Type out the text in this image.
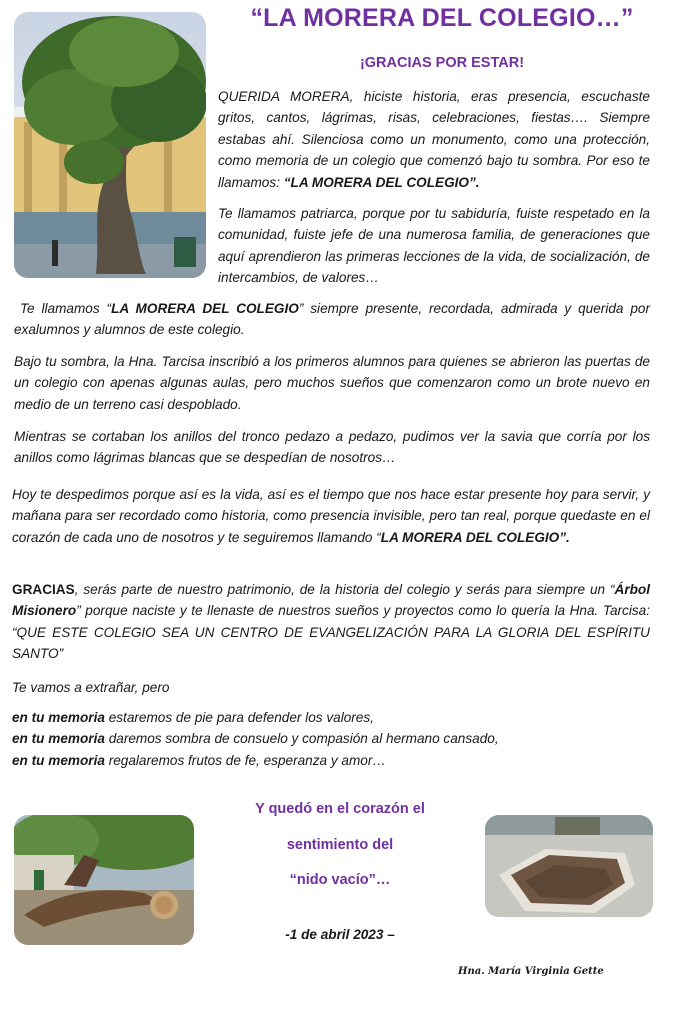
“LA MORERA DEL COLEGIO…”
¡GRACIAS POR ESTAR!
QUERIDA MORERA, hiciste historia, eras presencia, escuchaste gritos, cantos, lágrimas, risas, celebraciones, fiestas…. Siempre estabas ahí. Silenciosa como un monumento, como una protección, como memoria de un colegio que comenzó bajo tu sombra. Por eso te llamamos: “LA MORERA DEL COLEGIO”.
Te llamamos patriarca, porque por tu sabiduría, fuiste respetado en la comunidad, fuiste jefe de una numerosa familia, de generaciones que aquí aprendieron las primeras lecciones de la vida, de socialización, de intercambios, de valores…
Te llamamos “LA MORERA DEL COLEGIO” siempre presente, recordada, admirada y querida por exalumnos y alumnos de este colegio.
Bajo tu sombra, la Hna. Tarcisa inscribió a los primeros alumnos para quienes se abrieron las puertas de un colegio con apenas algunas aulas, pero muchos sueños que comenzaron como un brote nuevo en medio de un terreno casi despoblado.
Mientras se cortaban los anillos del tronco pedazo a pedazo, pudimos ver la savia que corría por los anillos como lágrimas blancas que se despedían de nosotros…
Hoy te despedimos porque así es la vida, así es el tiempo que nos hace estar presente hoy para servir, y mañana para ser recordado como historia, como presencia invisible, pero tan real, porque quedaste en el corazón de cada uno de nosotros y te seguiremos llamando “LA MORERA DEL COLEGIO”.
GRACIAS, serás parte de nuestro patrimonio, de la historia del colegio y serás para siempre un “Árbol Misionero” porque naciste y te llenaste de nuestros sueños y proyectos como lo quería la Hna. Tarcisa: “QUE ESTE COLEGIO SEA UN CENTRO DE EVANGELIZACIÓN PARA LA GLORIA DEL ESPÍRITU SANTO”
Te vamos a extrañar, pero
en tu memoria estaremos de pie para defender los valores,
en tu memoria daremos sombra de consuelo y compasión al hermano cansado,
en tu memoria regalaremos frutos de fe, esperanza y amor…
Y quedó en el corazón el
sentimiento del
“nido vacío”…
-1 de abril 2023 –
Hna. María Virginia Gette
